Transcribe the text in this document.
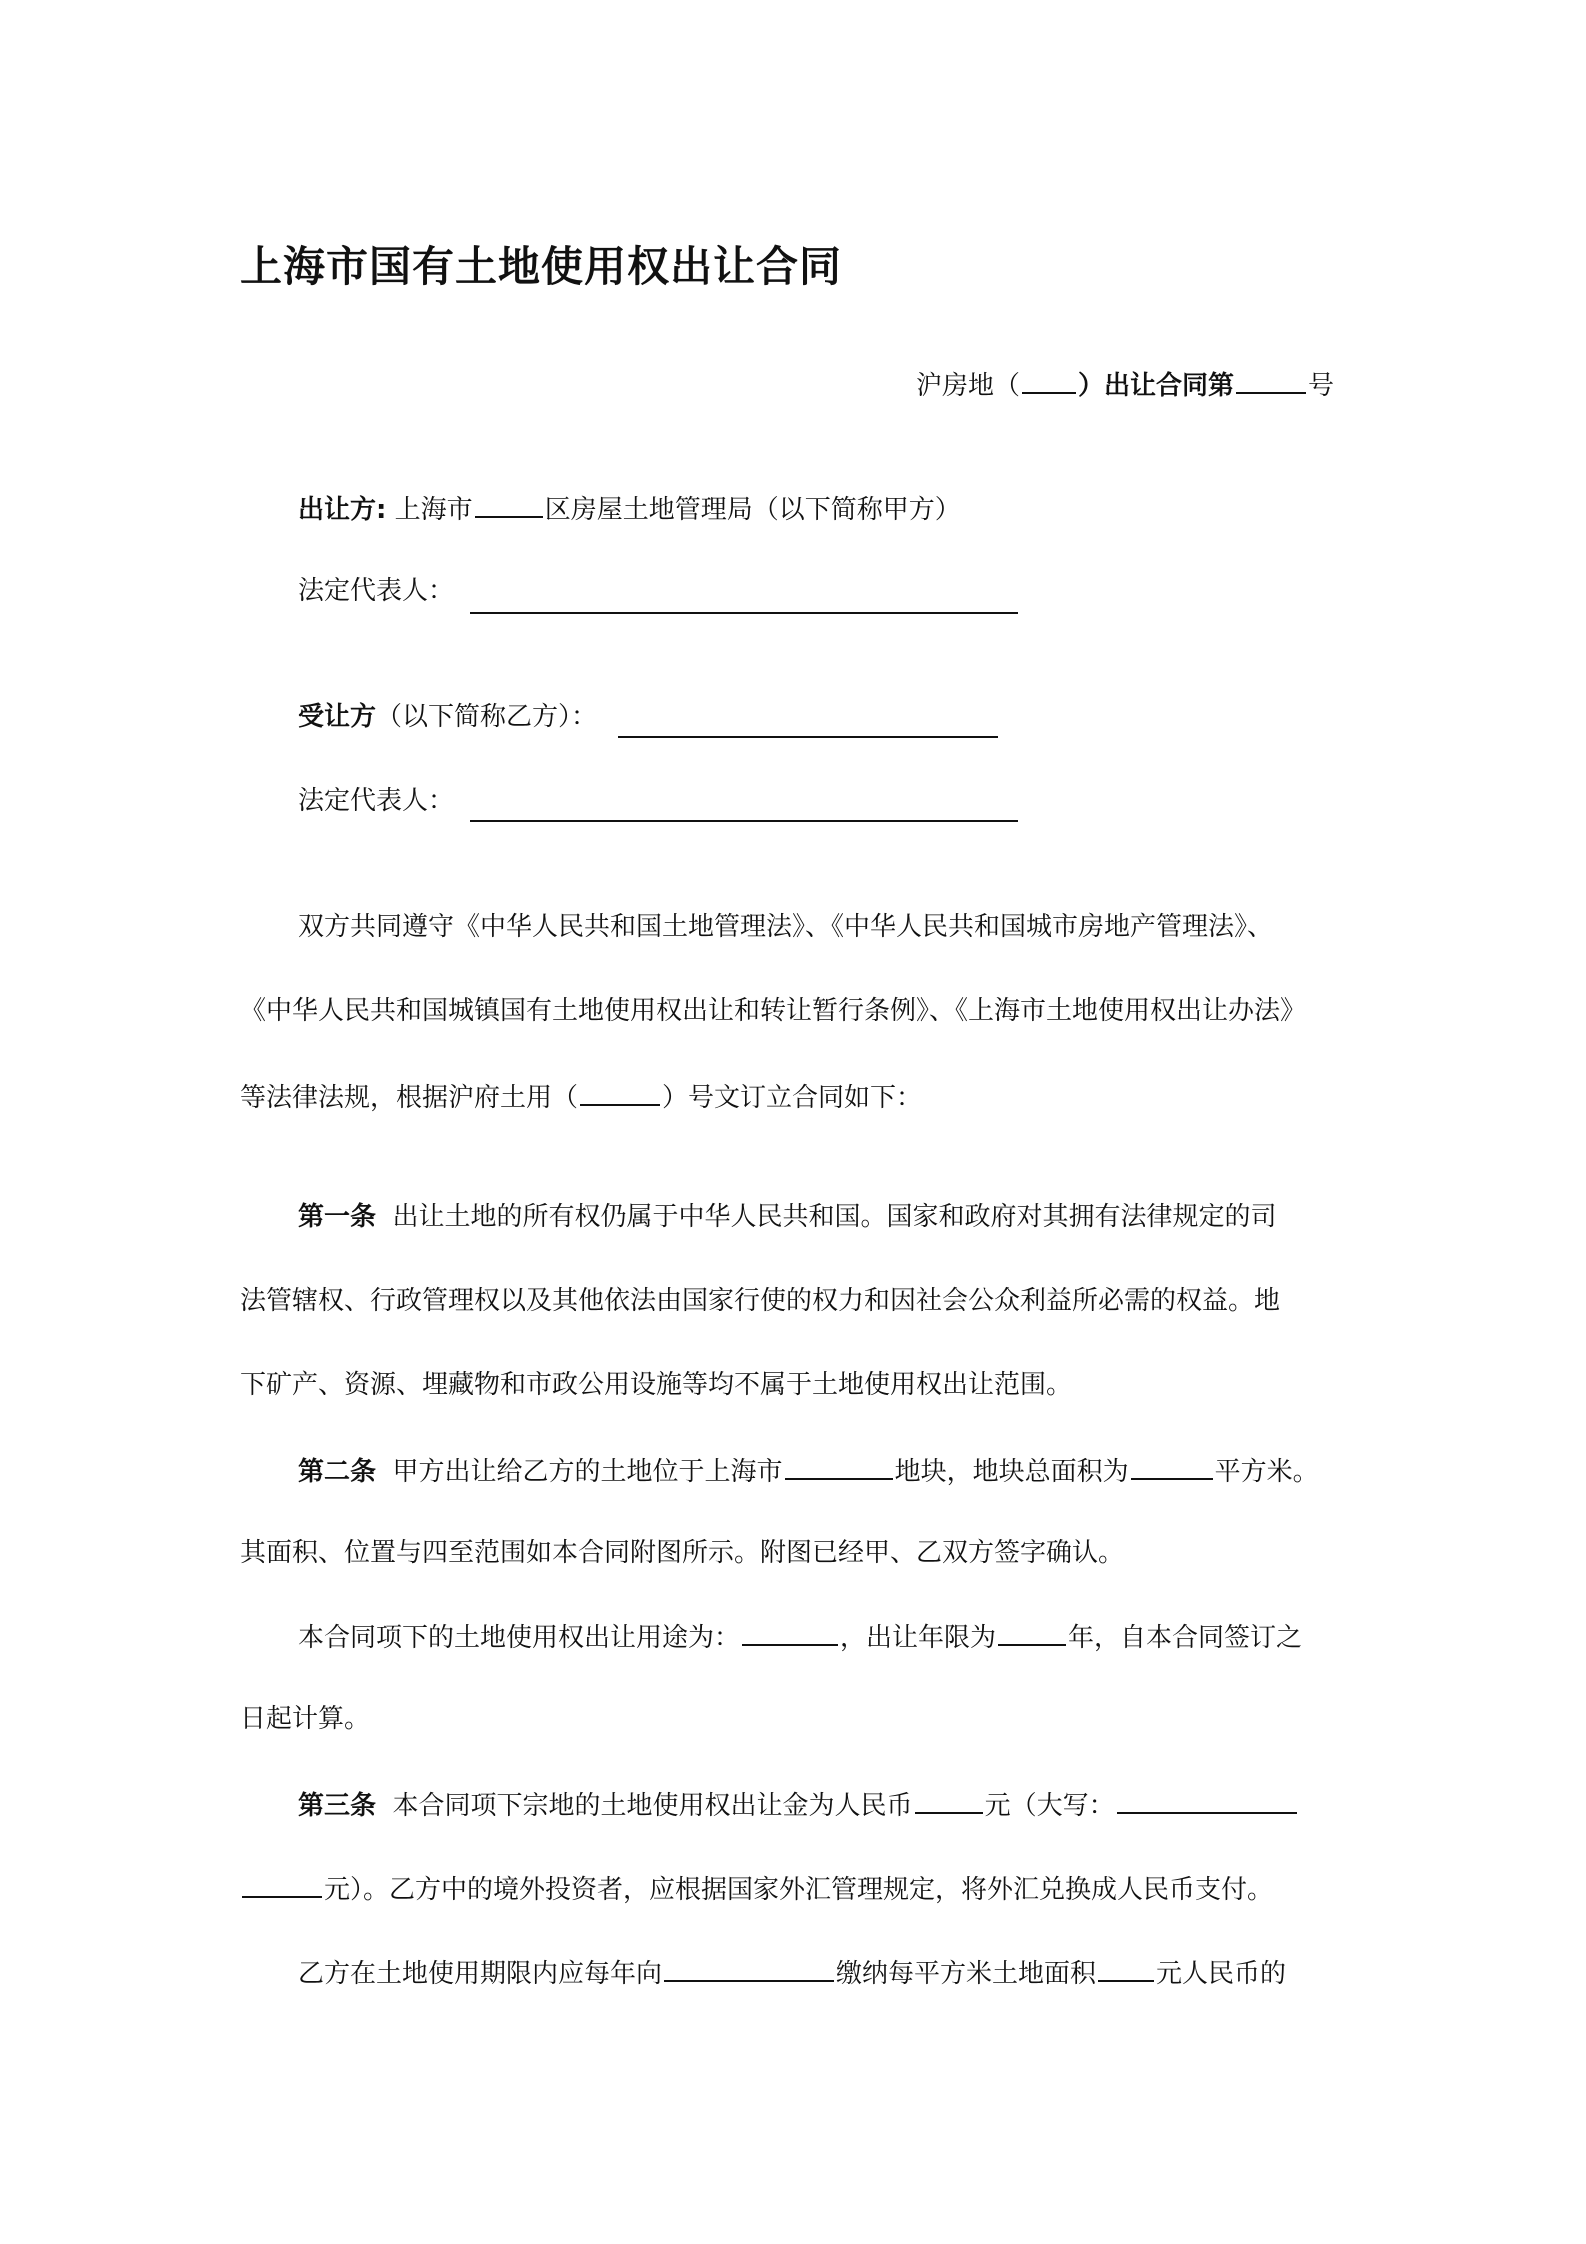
上海市国有土地使用权出让合同
沪房地（ ）出让合同第	号
出让方: 上海市	区房屋土地管理局（以下简称甲方）
法定代表人：
受让方（以下简称乙方）：
法定代表人：
双方共同遵守《中华人民共和国土地管理法》、《中华人民共和国城市房地产管理法》、
《中华人民共和国城镇国有土地使用权出让和转让暂行条例》、《上海市土地使用权出让办法》
等法律法规，根据沪府土用（	）号文订立合同如下：
第一条 出让土地的所有权仍属于中华人民共和国。国家和政府对其拥有法律规定的司
法管辖权、行政管理权以及其他依法由国家行使的权力和因社会公众利益所必需的权益。地
下矿产、资源、埋藏物和市政公用设施等均不属于土地使用权出让范围。
第二条 甲方出让给乙方的土地位于上海市	地块，地块总面积为	平方米。
其面积、位置与四至范围如本合同附图所示。附图已经甲、乙双方签字确认。
本合同项下的土地使用权出让用途为：	，出让年限为	年，自本合同签订之
日起计算。
第三条 本合同项下宗地的土地使用权出让金为人民币	元（大写：
元）。乙方中的境外投资者，应根据国家外汇管理规定，将外汇兑换成人民币支付。
乙方在土地使用期限内应每年向	缴纳每平方米土地面积 元人民币的
